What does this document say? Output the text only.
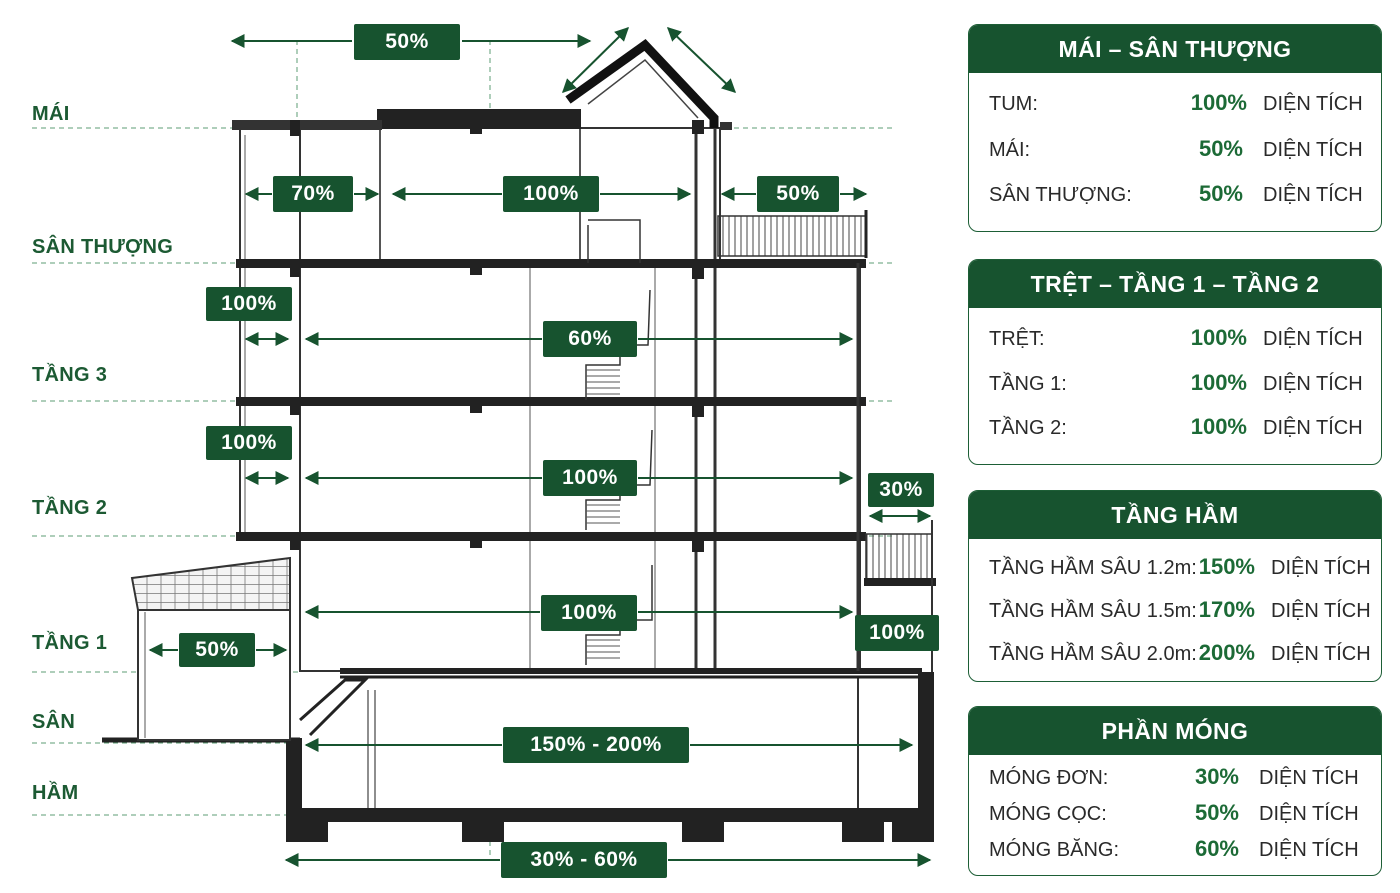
MÁI
SÂN THƯỢNG
TẦNG 3
TẦNG 2
TẦNG 1
SÂN
HẦM
50%
70%	100%	50%
100%
60%
100%
100%
30%
100%
100%
50%
150% - 200%
30% - 60%
MÁI – SÂN THƯỢNG
TUM:	100% DIỆN TÍCH
MÁI:	50% DIỆN TÍCH
SÂN THƯỢNG:	50% DIỆN TÍCH
TRỆT – TẦNG 1 – TẦNG 2
TRỆT:	100% DIỆN TÍCH
TẦNG 1:	100% DIỆN TÍCH
TẦNG 2:	100% DIỆN TÍCH
TẦNG HẦM
TẦNG HẦM SÂU 1.2m: 150% DIỆN TÍCH
TẦNG HẦM SÂU 1.5m: 170% DIỆN TÍCH
TẦNG HẦM SÂU 2.0m: 200% DIỆN TÍCH
PHẦN MÓNG
MÓNG ĐƠN:	30% DIỆN TÍCH
MÓNG CỌC:	50% DIỆN TÍCH
MÓNG BĂNG:	60% DIỆN TÍCH
